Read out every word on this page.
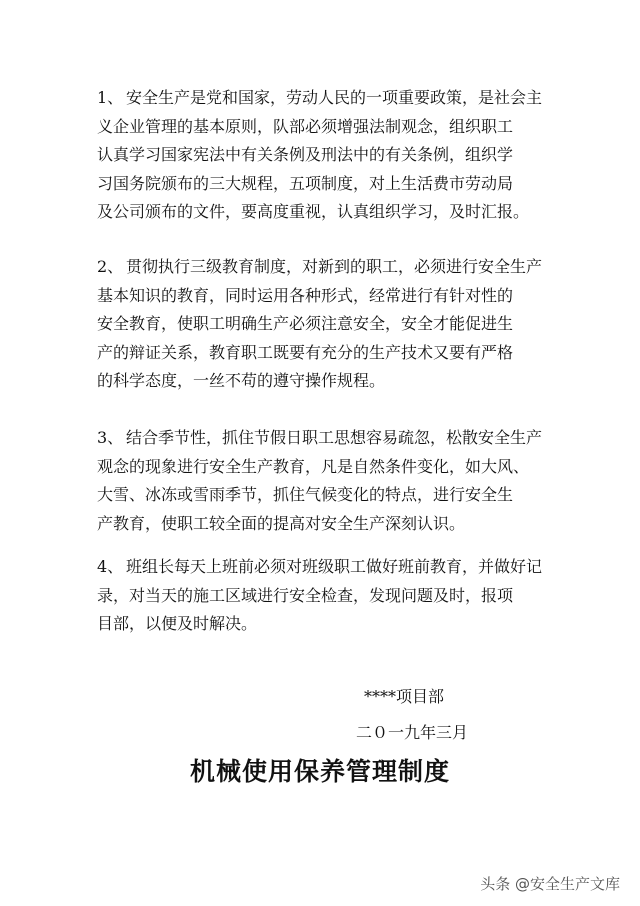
1、 安全生产是党和国家，劳动人民的一项重要政策，是社会主
义企业管理的基本原则，队部必须增强法制观念，组织职工
认真学习国家宪法中有关条例及刑法中的有关条例，组织学
习国务院颁布的三大规程，五项制度，对上生活费市劳动局
及公司颁布的文件，要高度重视，认真组织学习，及时汇报。
2、 贯彻执行三级教育制度，对新到的职工，必须进行安全生产
基本知识的教育，同时运用各种形式，经常进行有针对性的
安全教育，使职工明确生产必须注意安全，安全才能促进生
产的辩证关系，教育职工既要有充分的生产技术又要有严格
的科学态度，一丝不苟的遵守操作规程。
3、 结合季节性，抓住节假日职工思想容易疏忽，松散安全生产
观念的现象进行安全生产教育，凡是自然条件变化，如大风、
大雪、冰冻或雪雨季节，抓住气候变化的特点，进行安全生
产教育，使职工较全面的提高对安全生产深刻认识。
4、 班组长每天上班前必须对班级职工做好班前教育，并做好记
录，对当天的施工区域进行安全检查，发现问题及时，报项
目部，以便及时解决。
****项目部
二０一九年三月
机械使用保养管理制度
头条 @安全生产文库
